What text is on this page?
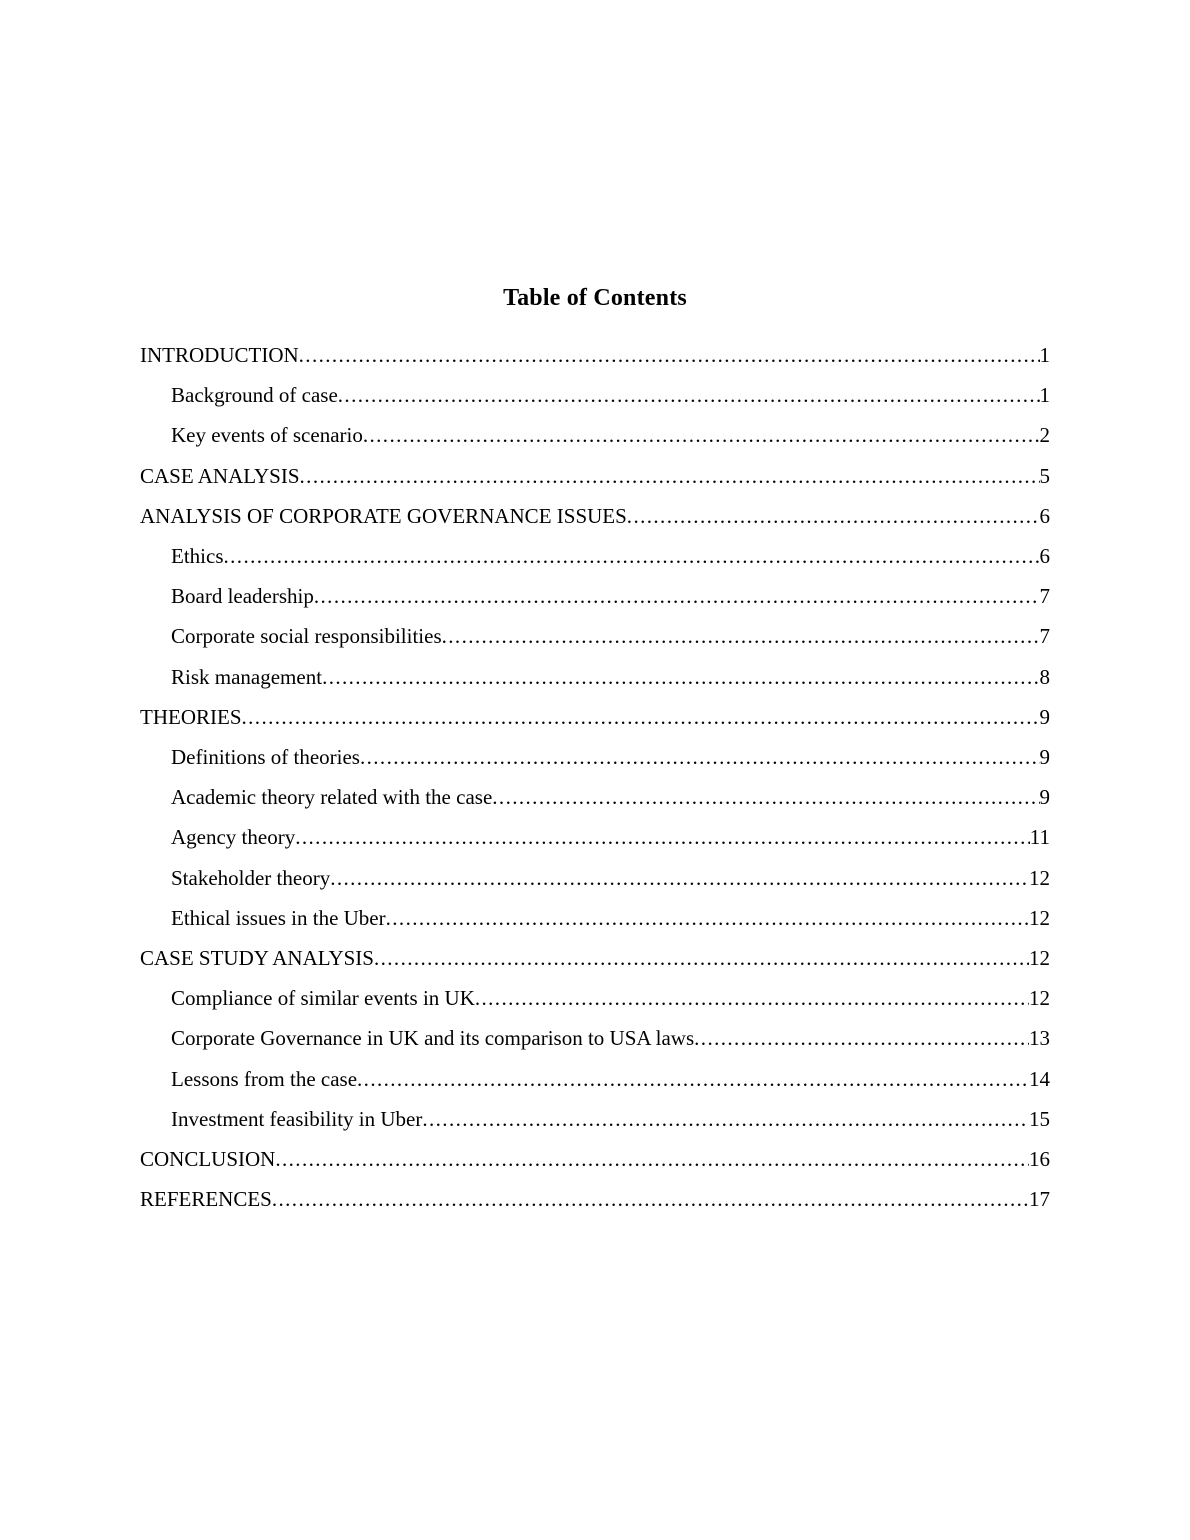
Table of Contents
INTRODUCTION .....	1
Background of case .....	1
Key events of scenario .....	2
CASE ANALYSIS .....	5
ANALYSIS OF CORPORATE GOVERNANCE ISSUES .....	6
Ethics .....	6
Board leadership .....	7
Corporate social responsibilities .....	7
Risk management .....	8
THEORIES .....	9
Definitions of theories .....	9
Academic theory related with the case .....	9
Agency theory .....	11
Stakeholder theory .....	12
Ethical issues in the Uber .....	12
CASE STUDY ANALYSIS .....	12
Compliance of similar events in UK .....	12
Corporate Governance in UK and its comparison to USA laws .....	13
Lessons from the case .....	14
Investment feasibility in Uber .....	15
CONCLUSION .....	16
REFERENCES .....	17
